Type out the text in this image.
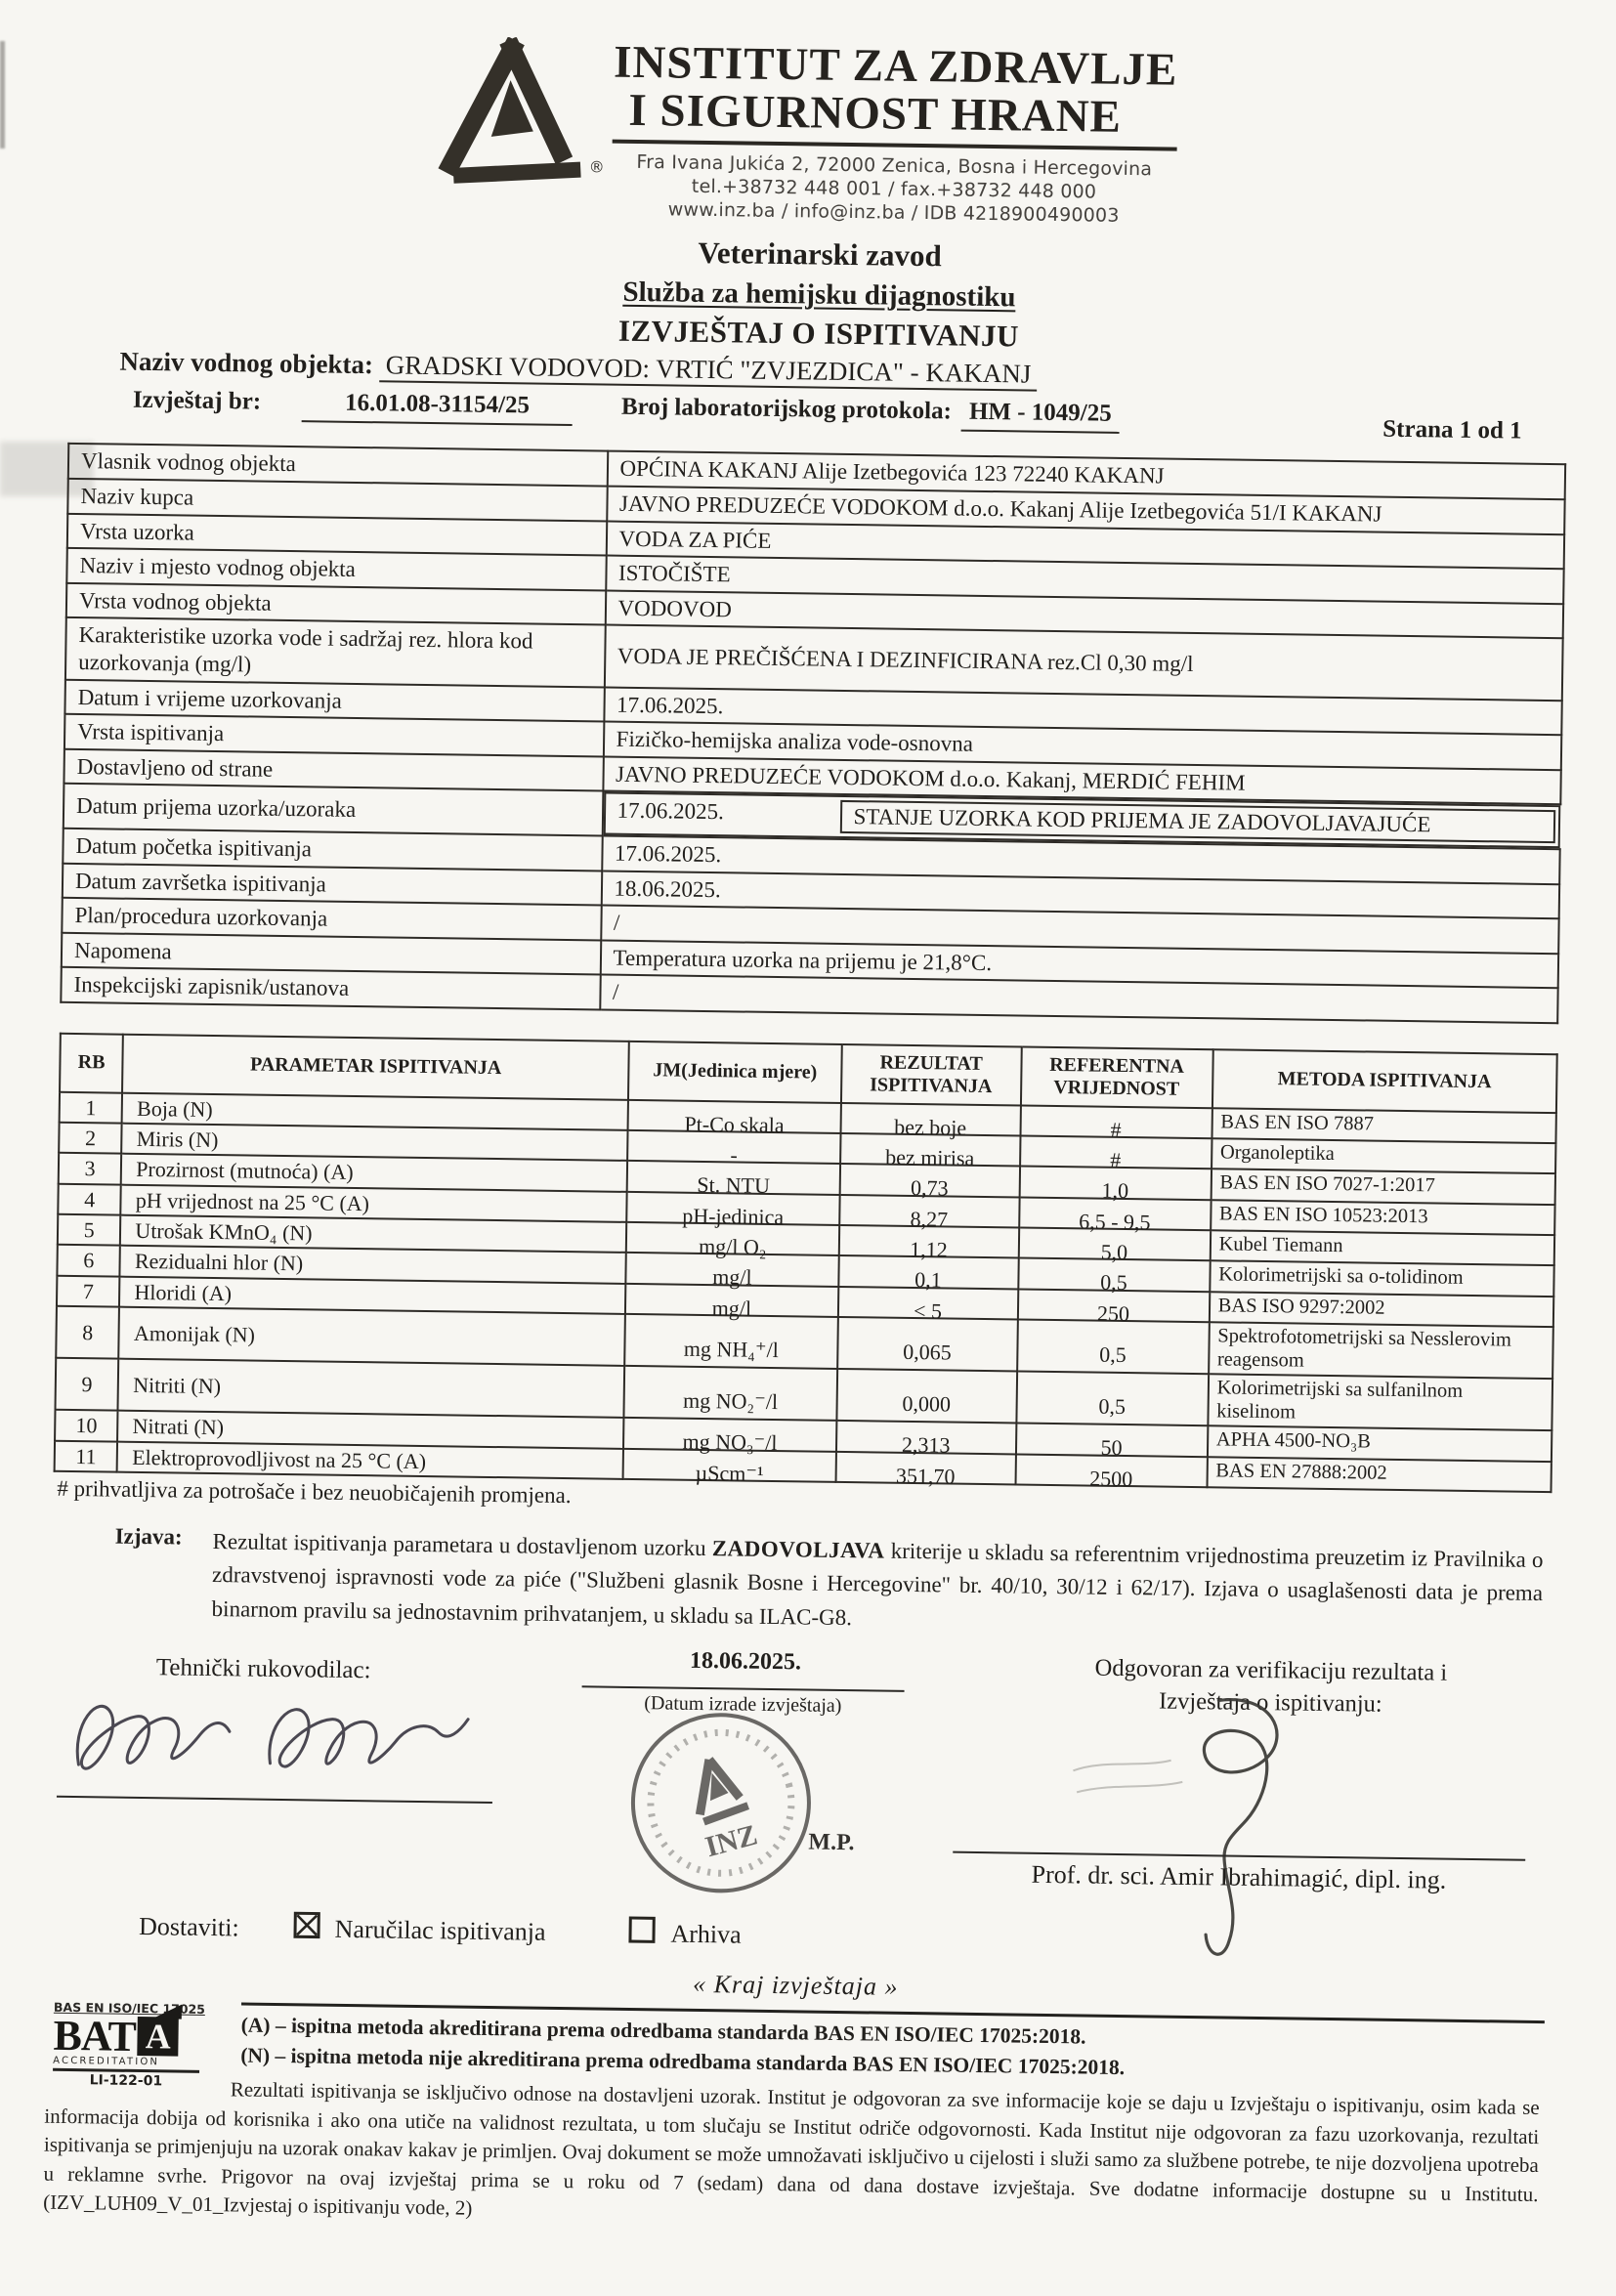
®
INSTITUT ZA ZDRAVLJE
I SIGURNOST HRANE
Fra Ivana Jukića 2, 72000 Zenica, Bosna i Hercegovina
tel.+38732 448 001 / fax.+38732 448 000
www.inz.ba / info@inz.ba / IDB 4218900490003
Veterinarski zavod
Služba za hemijsku dijagnostiku
IZVJEŠTAJ O ISPITIVANJU
Naziv vodnog objekta: GRADSKI VODOVOD: VRTIĆ "ZVJEZDICA" - KAKANJ
Izvještaj br:	16.01.08-31154/25	Broj laboratorijskog protokola: HM - 1049/25
Strana 1 od 1
Vlasnik vodnog objekta	OPĆINA KAKANJ Alije Izetbegovića 123 72240 KAKANJ
Naziv kupca	JAVNO PREDUZEĆE VODOKOM d.o.o. Kakanj Alije Izetbegovića 51/I KAKANJ
Vrsta uzorka	VODA ZA PIĆE
Naziv i mjesto vodnog objekta	ISTOČIŠTE
Vrsta vodnog objekta	VODOVOD
Karakteristike uzorka vode i sadržaj rez. hlora kod uzorkovanja (mg/l)	VODA JE PREČIŠĆENA I DEZINFICIRANA rez.Cl 0,30 mg/l
Datum i vrijeme uzorkovanja	17.06.2025.
Vrsta ispitivanja	Fizičko-hemijska analiza vode-osnovna
Dostavljeno od strane	JAVNO PREDUZEĆE VODOKOM d.o.o. Kakanj, MERDIĆ FEHIM
Datum prijema uzorka/uzoraka		17.06.2025.	STANJE UZORKA KOD PRIJEMA JE ZADOVOLJAVAJUĆE

Datum početka ispitivanja	17.06.2025.
Datum završetka ispitivanja	18.06.2025.
Plan/procedura uzorkovanja	/
Napomena	Temperatura uzorka na prijemu je 21,8°C.
Inspekcijski zapisnik/ustanova	/
RB	PARAMETAR ISPITIVANJA	JM(Jedinica mjere)	REZULTAT ISPITIVANJA	REFERENTNA VRIJEDNOST	METODA ISPITIVANJA
1	Boja (N)	Pt-Co skala	bez boje	#	BAS EN ISO 7887
2	Miris (N)	-	bez mirisa	#	Organoleptika
3	Prozirnost (mutnoća) (A)	St. NTU	0,73	1,0	BAS EN ISO 7027-1:2017
4	pH vrijednost na 25 °C (A)	pH-jedinica	8,27	6,5 - 9,5	BAS EN ISO 10523:2013
5	Utrošak KMnO₄ (N)	mg/l O₂	1,12	5,0	Kubel Tiemann
6	Rezidualni hlor (N)	mg/l	0,1	0,5	Kolorimetrijski sa o-tolidinom
7	Hloridi (A)	mg/l	< 5	250	BAS ISO 9297:2002
8	Amonijak (N)	mg NH₄⁺/l	0,065	0,5	Spektrofotometrijski sa Nesslerovim reagensom
9	Nitriti (N)	mg NO₂⁻/l	0,000	0,5	Kolorimetrijski sa sulfanilnom kiselinom
10	Nitrati (N)	mg NO₃⁻/l	2,313	50	APHA 4500-NO₃B
11	Elektroprovodljivost na 25 °C (A)	µScm⁻¹	351,70	2500	BAS EN 27888:2002
# prihvatljiva za potrošače i bez neuobičajenih promjena.
Izjava:	Rezultat ispitivanja parametara u dostavljenom uzorku ZADOVOLJAVA kriterije u skladu sa referentnim vrijednostima preuzetim iz Pravilnika o zdravstvenoj ispravnosti vode za piće ("Službeni glasnik Bosne i Hercegovine" br. 40/10, 30/12 i 62/17). Izjava o usaglašenosti data je prema binarnom pravilu sa jednostavnim prihvatanjem, u skladu sa ILAC-G8.
Tehnički rukovodilac:	18.06.2025.
(Datum izrade izvještaja)
INZ M.P.
Odgovoran za verifikaciju rezultata i
Izvještaja o ispitivanju:
Prof. dr. sci. Amir Ibrahimagić, dipl. ing.
Dostaviti:	Naručilac ispitivanja	Arhiva
« Kraj izvještaja »
BAS EN ISO/IEC 17025
BAT A
ACCREDITATION
LI-122-01
(A) – ispitna metoda akreditirana prema odredbama standarda BAS EN ISO/IEC 17025:2018.
(N) – ispitna metoda nije akreditirana prema odredbama standarda BAS EN ISO/IEC 17025:2018.
Rezultati ispitivanja se isključivo odnose na dostavljeni uzorak. Institut je odgovoran za sve informacije koje se daju u Izvještaju o ispitivanju, osim kada se informacija dobija od korisnika i ako ona utiče na validnost rezultata, u tom slučaju se Institut odriče odgovornosti. Kada Institut nije odgovoran za fazu uzorkovanja, rezultati ispitivanja se primjenjuju na uzorak onakav kakav je primljen. Ovaj dokument se može umnožavati isključivo u cijelosti i služi samo za službene potrebe, te nije dozvoljena upotreba u reklamne svrhe. Prigovor na ovaj izvještaj prima se u roku od 7 (sedam) dana od dana dostave izvještaja. Sve dodatne informacije dostupne su u Institutu. (IZV_LUH09_V_01_Izvjestaj o ispitivanju vode, 2)
